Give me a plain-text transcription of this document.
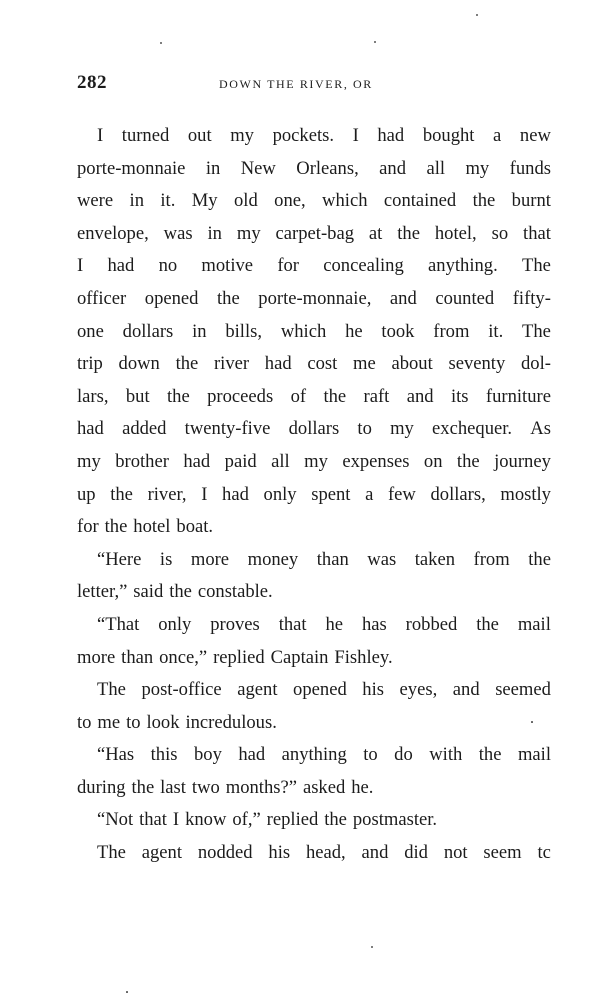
282	DOWN THE RIVER, OR
I turned out my pockets. I had bought a new
porte-monnaie in New Orleans, and all my funds
were in it. My old one, which contained the burnt
envelope, was in my carpet-bag at the hotel, so that
I had no motive for concealing anything. The
officer opened the porte-monnaie, and counted fifty-
one dollars in bills, which he took from it. The
trip down the river had cost me about seventy dol-
lars, but the proceeds of the raft and its furniture
had added twenty-five dollars to my exchequer. As
my brother had paid all my expenses on the journey
up the river, I had only spent a few dollars, mostly
for the hotel boat.
“Here is more money than was taken from the
letter,” said the constable.
“That only proves that he has robbed the mail
more than once,” replied Captain Fishley.
The post-office agent opened his eyes, and seemed
to me to look incredulous.
“Has this boy had anything to do with the mail
during the last two months?” asked he.
“Not that I know of,” replied the postmaster.
The agent nodded his head, and did not seem tc
